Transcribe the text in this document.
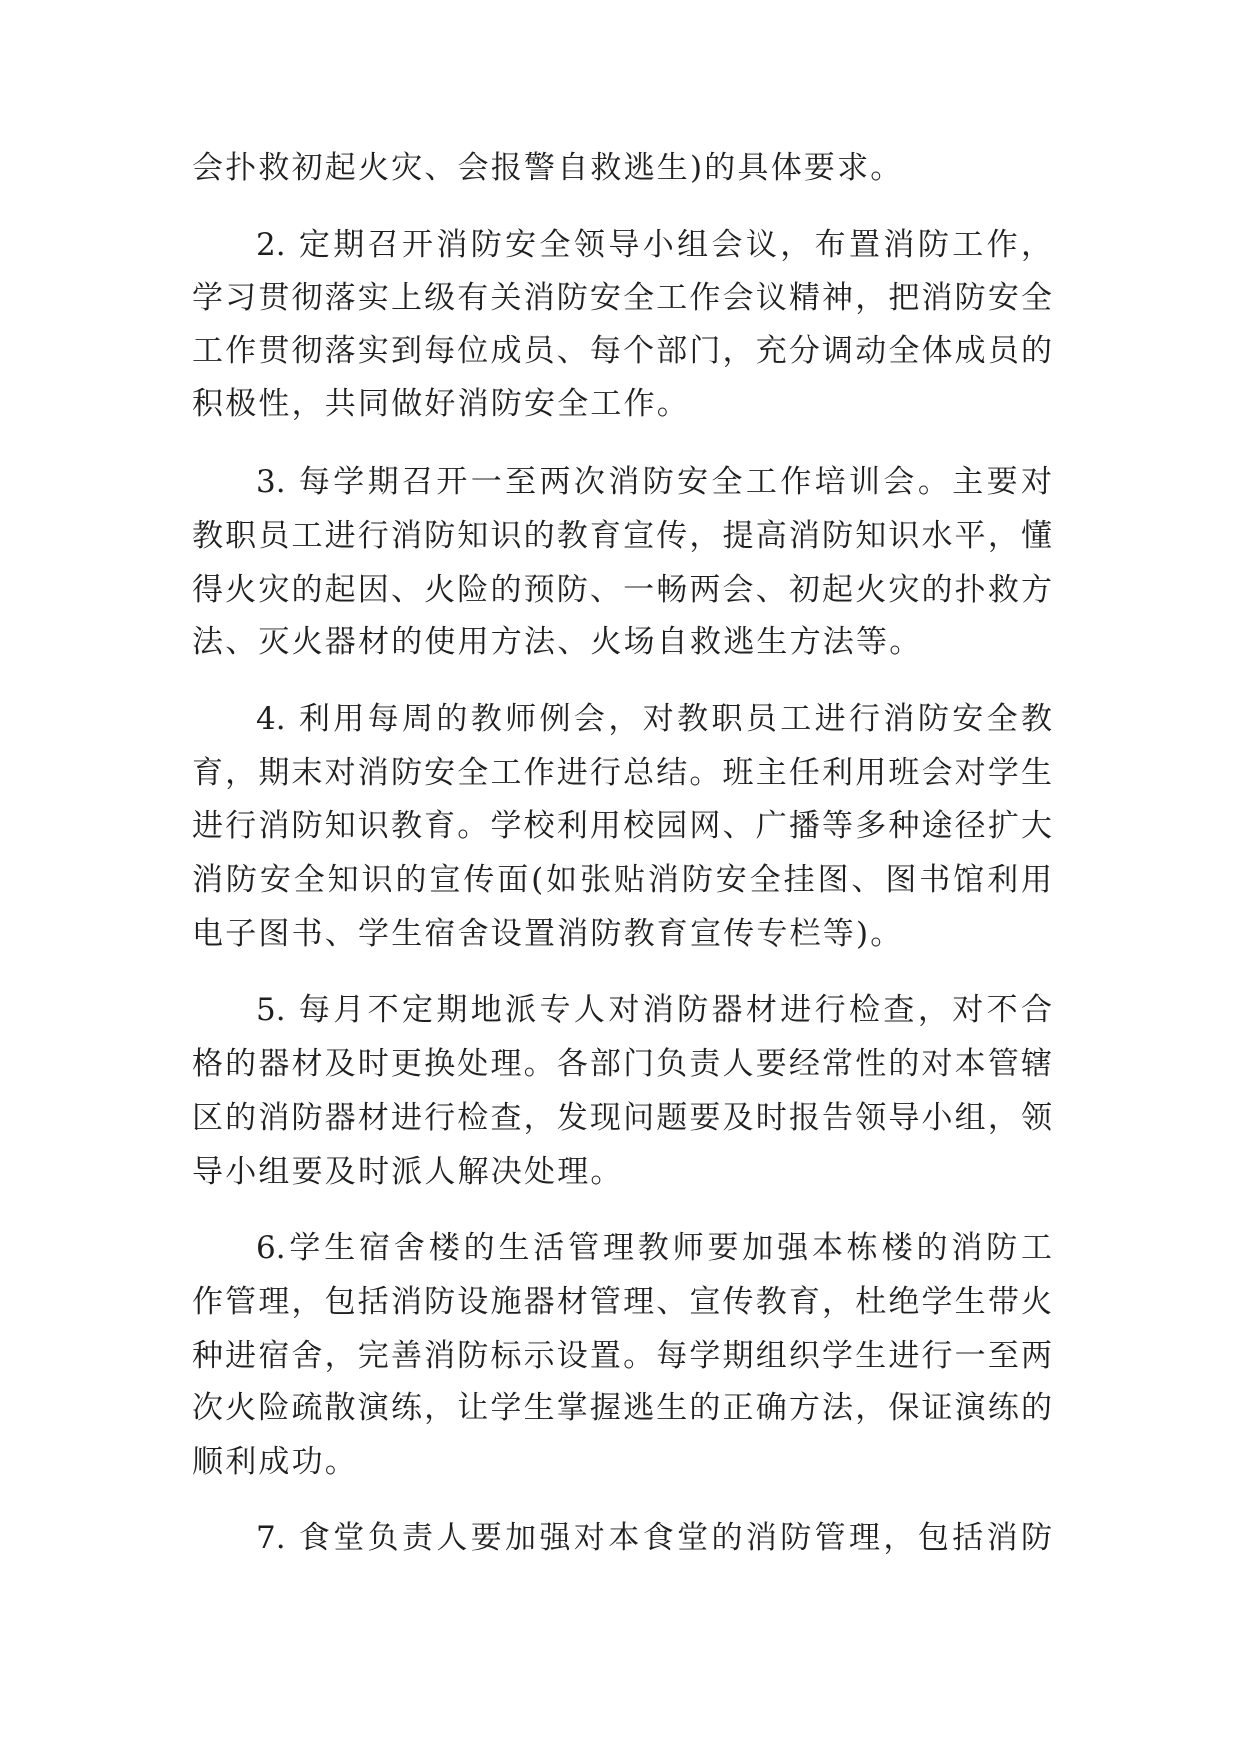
会扑救初起火灾、会报警自救逃生)的具体要求。
2. 定期召开消防安全领导小组会议，布置消防工作，
学习贯彻落实上级有关消防安全工作会议精神，把消防安全
工作贯彻落实到每位成员、每个部门，充分调动全体成员的
积极性，共同做好消防安全工作。
3. 每学期召开一至两次消防安全工作培训会。主要对
教职员工进行消防知识的教育宣传，提高消防知识水平，懂
得火灾的起因、火险的预防、一畅两会、初起火灾的扑救方
法、灭火器材的使用方法、火场自救逃生方法等。
4. 利用每周的教师例会，对教职员工进行消防安全教
育，期末对消防安全工作进行总结。班主任利用班会对学生
进行消防知识教育。学校利用校园网、广播等多种途径扩大
消防安全知识的宣传面(如张贴消防安全挂图、图书馆利用
电子图书、学生宿舍设置消防教育宣传专栏等)。
5. 每月不定期地派专人对消防器材进行检查，对不合
格的器材及时更换处理。各部门负责人要经常性的对本管辖
区的消防器材进行检查，发现问题要及时报告领导小组，领
导小组要及时派人解决处理。
6.学生宿舍楼的生活管理教师要加强本栋楼的消防工
作管理，包括消防设施器材管理、宣传教育，杜绝学生带火
种进宿舍，完善消防标示设置。每学期组织学生进行一至两
次火险疏散演练，让学生掌握逃生的正确方法，保证演练的
顺利成功。
7. 食堂负责人要加强对本食堂的消防管理，包括消防
